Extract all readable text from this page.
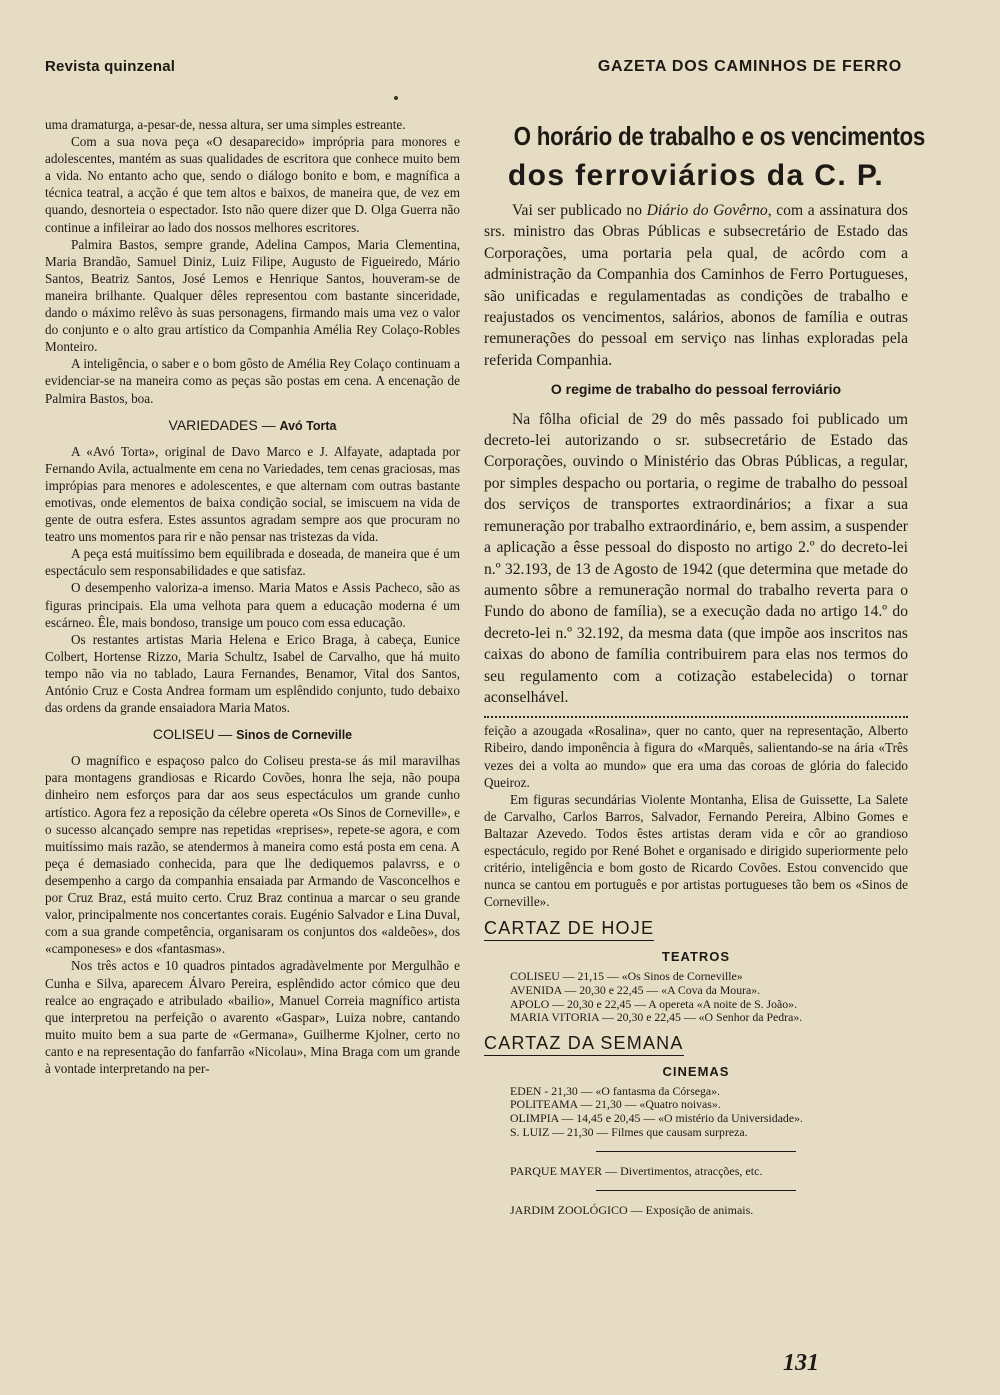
Revista quinzenal	GAZETA DOS CAMINHOS DE FERRO

uma dramaturga, a-pesar-de, nessa altura, ser uma simples estreante.

Com a sua nova peça «O desaparecido» imprópria para monores e adolescentes, mantém as suas qualidades de escritora que conhece muito bem a vida. No entanto acho que, sendo o diálogo bonito e bom, e magnífica a técnica teatral, a acção é que tem altos e baixos, de maneira que, de vez em quando, desnorteia o espectador. Isto não quere dizer que D. Olga Guerra não continue a infileirar ao lado dos nossos melhores escritores.

Palmira Bastos, sempre grande, Adelina Campos, Maria Clementina, Maria Brandão, Samuel Diniz, Luiz Filipe, Augusto de Figueiredo, Mário Santos, Beatriz Santos, José Lemos e Henrique Santos, houveram-se de maneira brilhante. Qualquer dêles representou com bastante sinceridade, dando o máximo relêvo às suas personagens, firmando mais uma vez o valor do conjunto e o alto grau artístico da Companhia Amélia Rey Colaço-Robles Monteiro.

A inteligência, o saber e o bom gôsto de Amélia Rey Colaço continuam a evidenciar-se na maneira como as peças são postas em cena. A encenação de Palmira Bastos, boa.

VARIEDADES — Avó Torta

A «Avó Torta», original de Davo Marco e J. Alfayate, adaptada por Fernando Avila, actualmente em cena no Variedades, tem cenas graciosas, mas imprópias para menores e adolescentes, e que alternam com outras bastante emotivas, onde elementos de baixa condição social, se imiscuem na vida de gente de outra esfera. Estes assuntos agradam sempre aos que procuram no teatro uns momentos para rir e não pensar nas tristezas da vida.

A peça está muitíssimo bem equilibrada e doseada, de maneira que é um espectáculo sem responsabilidades e que satisfaz.

O desempenho valoriza-a imenso. Maria Matos e Assis Pacheco, são as figuras principais. Ela uma velhota para quem a educação moderna é um escárneo. Êle, mais bondoso, transige um pouco com essa educação.

Os restantes artistas Maria Helena e Erico Braga, à cabeça, Eunice Colbert, Hortense Rizzo, Maria Schultz, Isabel de Carvalho, que há muito tempo não via no tablado, Laura Fernandes, Benamor, Vital dos Santos, António Cruz e Costa Andrea formam um esplêndido conjunto, tudo debaixo das ordens da grande ensaiadora Maria Matos.

COLISEU — Sinos de Corneville

O magnífico e espaçoso palco do Coliseu presta-se ás mil maravilhas para montagens grandiosas e Ricardo Covões, honra lhe seja, não poupa dinheiro nem esforços para dar aos seus espectáculos um grande cunho artístico. Agora fez a reposição da célebre opereta «Os Sinos de Corneville», e o sucesso alcançado sempre nas repetidas «reprises», repete-se agora, e com muitíssimo mais razão, se atendermos à maneira como está posta em cena. A peça é demasiado conhecida, para que lhe dediquemos palavrss, e o desempenho a cargo da companhia ensaiada par Armando de Vasconcelhos e por Cruz Braz, está muito certo. Cruz Braz continua a marcar o seu grande valor, principalmente nos concertantes corais. Eugénio Salvador e Lina Duval, com a sua grande competência, organisaram os conjuntos dos «aldeões», dos «camponeses» e dos «fantasmas».

Nos três actos e 10 quadros pintados agradàvelmente por Mergulhão e Cunha e Silva, aparecem Álvaro Pereira, esplêndido actor cómico que deu realce ao engraçado e atribulado «bailio», Manuel Correia magnífico artista que interpretou na perfeição o avarento «Gaspar», Luiza nobre, cantando muito muito bem a sua parte de «Germana», Guilherme Kjolner, certo no canto e na representação do fanfarrão «Nicolau», Mina Braga com um grande à vontade interpretando na per-

O horário de trabalho e os vencimentos
dos ferroviários da C. P.

Vai ser publicado no Diário do Govêrno, com a assinatura dos srs. ministro das Obras Públicas e subsecretário de Estado das Corporações, uma portaria pela qual, de acôrdo com a administração da Companhia dos Caminhos de Ferro Portugueses, são unificadas e regulamentadas as condições de trabalho e reajustados os vencimentos, salários, abonos de família e outras remunerações do pessoal em serviço nas linhas exploradas pela referida Companhia.

O regime de trabalho do pessoal ferroviário

Na fôlha oficial de 29 do mês passado foi publicado um decreto-lei autorizando o sr. subsecretário de Estado das Corporações, ouvindo o Ministério das Obras Públicas, a regular, por simples despacho ou portaria, o regime de trabalho do pessoal dos serviços de transportes extraordinários; a fixar a sua remuneração por trabalho extraordinário, e, bem assim, a suspender a aplicação a êsse pessoal do disposto no artigo 2.º do decreto-lei n.º 32.193, de 13 de Agosto de 1942 (que determina que metade do aumento sôbre a remuneração normal do trabalho reverta para o Fundo do abono de família), se a execução dada no artigo 14.º do decreto-lei n.º 32.192, da mesma data (que impõe aos inscritos nas caixas do abono de família contribuirem para elas nos termos do seu regulamento com a cotização estabelecida) o tornar aconselhável.

feição a azougada «Rosalina», quer no canto, quer na representação, Alberto Ribeiro, dando imponência à figura do «Marquês, salientando-se na ária «Três vezes dei a volta ao mundo» que era uma das coroas de glória do falecido Queiroz.

Em figuras secundárias Violente Montanha, Elisa de Guissette, La Salete de Carvalho, Carlos Barros, Salvador, Fernando Pereira, Albino Gomes e Baltazar Azevedo. Todos êstes artistas deram vida e côr ao grandioso espectáculo, regido por René Bohet e organisado e dirigido superiormente pelo critério, inteligência e bom gosto de Ricardo Covões. Estou convencido que nunca se cantou em português e por artistas portugueses tão bem os «Sinos de Corneville».

CARTAZ DE HOJE
TEATROS
COLISEU — 21,15 — «Os Sinos de Corneville»
AVENIDA — 20,30 e 22,45 — «A Cova da Moura».
APOLO — 20,30 e 22,45 — A opereta «A noite de S. João».
MARIA VITORIA — 20,30 e 22,45 — «O Senhor da Pedra».
CARTAZ DA SEMANA
CINEMAS
EDEN - 21,30 — «O fantasma da Córsega».
POLITEAMA — 21,30 — «Quatro noivas».
OLIMPIA — 14,45 e 20,45 — «O mistério da Universidade».
S. LUIZ — 21,30 — Filmes que causam surpreza.
PARQUE MAYER — Divertimentos, atracções, etc.
JARDIM ZOOLÓGICO — Exposição de animais.
131
